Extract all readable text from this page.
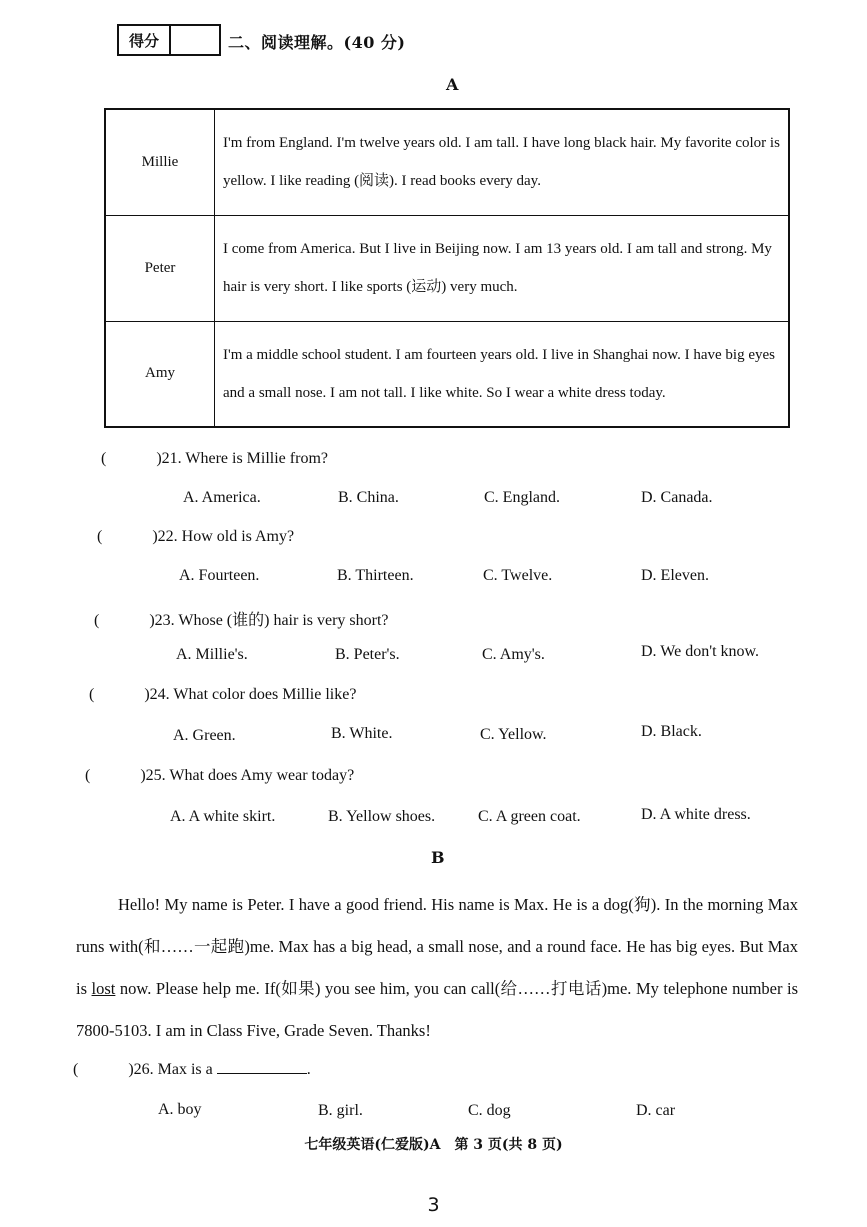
得分	二、阅读理解。(40 分)
A
Millie	I'm from England. I'm twelve years old. I am tall. I have long black hair. My favorite color is yellow. I like reading (阅读). I read books every day.
Peter	I come from America. But I live in Beijing now. I am 13 years old. I am tall and strong. My hair is very short. I like sports (运动) very much.
Amy	I'm a middle school student. I am fourteen years old. I live in Shanghai now. I have big eyes and a small nose. I am not tall. I like white. So I wear a white dress today.
(	)21. Where is Millie from?
A. America.	B. China.	C. England.	D. Canada.
(	)22. How old is Amy?
A. Fourteen.	B. Thirteen.	C. Twelve.	D. Eleven.
(	)23. Whose (谁的) hair is very short?
A. Millie's.	B. Peter's.	C. Amy's.	D. We don't know.
(	)24. What color does Millie like?
A. Green.	B. White.	C. Yellow.	D. Black.
(	)25. What does Amy wear today?
A. A white skirt.	B. Yellow shoes.	C. A green coat.	D. A white dress.
B
Hello! My name is Peter. I have a good friend. His name is Max. He is a dog(狗). In the morning Max runs with(和……一起跑)me. Max has a big head, a small nose, and a round face. He has big eyes. But Max is lost now. Please help me. If(如果) you see him, you can call(给……打电话)me. My telephone number is 7800-5103. I am in Class Five, Grade Seven. Thanks!
(	)26. Max is a	.
A. boy	B. girl.	C. dog	D. car
七年级英语(仁爱版)A　第 3 页(共 8 页)
3
